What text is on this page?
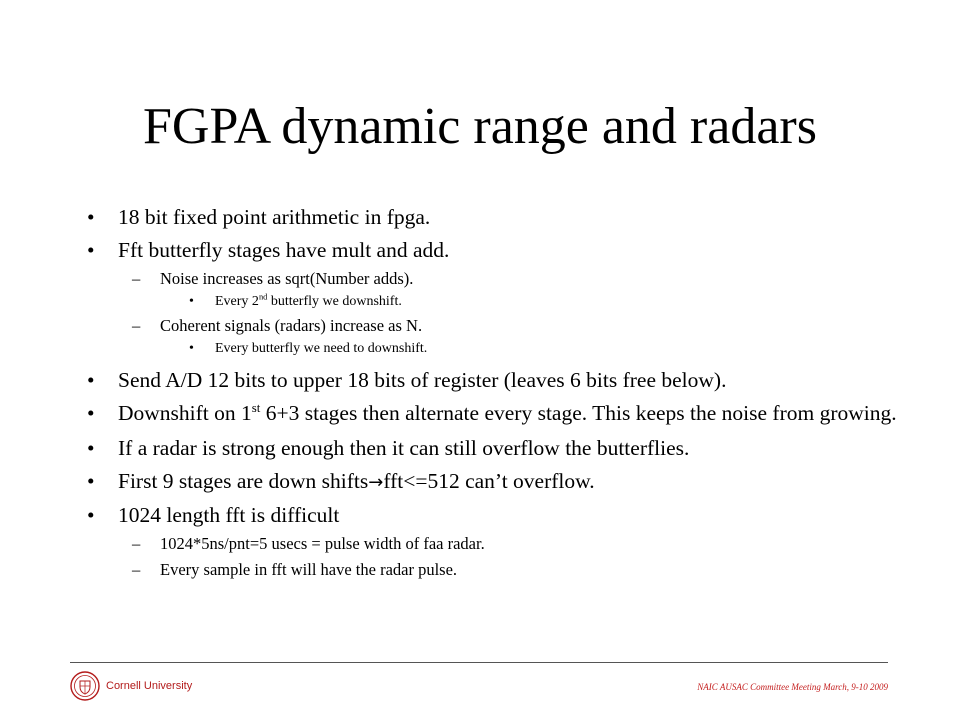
FGPA dynamic range and radars
• 18 bit fixed point arithmetic in fpga.
• Fft butterfly stages have mult and add.
– Noise increases as sqrt(Number adds).
• Every 2nd butterfly we downshift.
– Coherent signals (radars) increase as N.
• Every butterfly we need to downshift.
• Send A/D 12 bits to upper 18 bits of register (leaves 6 bits free below).
• Downshift on 1st 6+3 stages then alternate every stage. This keeps the noise from growing.
• If a radar is strong enough then it can still overflow the butterflies.
• First 9 stages are down shifts→fft<=512 can’t overflow.
• 1024 length fft is difficult
– 1024*5ns/pnt=5 usecs = pulse width of faa radar.
– Every sample in fft will have the radar pulse.
Cornell University	NAIC AUSAC Committee Meeting March, 9-10 2009
